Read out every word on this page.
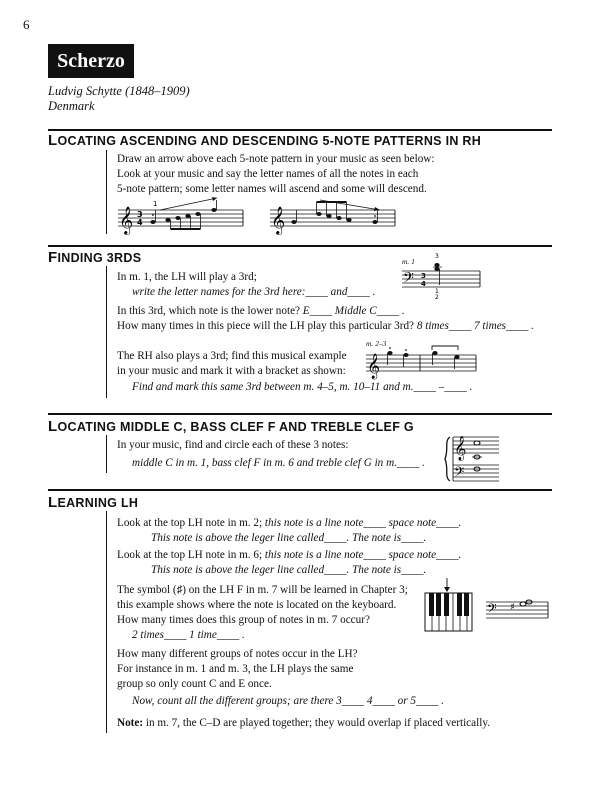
6
Scherzo
Ludvig Schytte (1848–1909)
Denmark
LOCATING ASCENDING AND DESCENDING 5-NOTE PATTERNS IN RH
Draw an arrow above each 5-note pattern in your music as seen below:
Look at your music and say the letter names of all the notes in each
5-note pattern; some letter names will ascend and some will descend.
𝄞 3
4
1
𝄞
FINDING 3RDS
In m. 1, the LH will play a 3rd;
write the letter names for the 3rd here:____ and____ .
In this 3rd, which note is the lower note? E____ Middle C____ .
How many times in this piece will the LH play this particular 3rd? 8 times____ 7 times____ .
m. 1
𝄢 3
4
3
1
2
m. 2–3
𝄞
The RH also plays a 3rd; find this musical example
in your music and mark it with a bracket as shown:
Find and mark this same 3rd between m. 4–5, m. 10–11 and m.____ –____ .
LOCATING MIDDLE C, BASS CLEF F AND TREBLE CLEF G
In your music, find and circle each of these 3 notes:
middle C in m. 1, bass clef F in m. 6 and treble clef G in m.____ .
𝄞
𝄢
LEARNING LH
Look at the top LH note in m. 2; this note is a line note____ space note____.
This note is above the leger line called____. The note is____.
Look at the top LH note in m. 6; this note is a line note____ space note____.
This note is above the leger line called____. The note is____.
The symbol (♯) on the LH F in m. 7 will be learned in Chapter 3;
this example shows where the note is located on the keyboard.
How many times does this group of notes in m. 7 occur?
2 times____ 1 time____ .
𝄢 ♯
How many different groups of notes occur in the LH?
For instance in m. 1 and m. 3, the LH plays the same
group so only count C and E once.
Now, count all the different groups; are there 3____ 4____ or 5____ .
Note: in m. 7, the C–D are played together; they would overlap if placed vertically.
